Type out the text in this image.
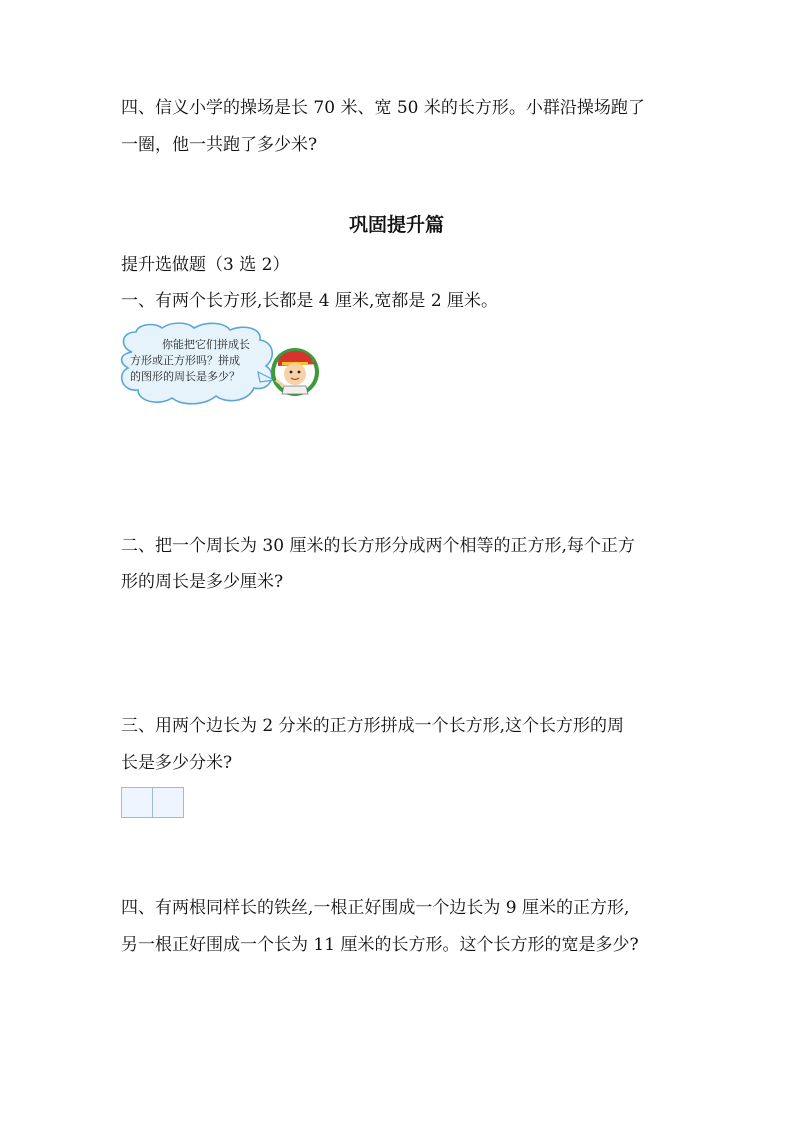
四、信义小学的操场是长 70 米、宽 50 米的长方形。小群沿操场跑了

一圈，他一共跑了多少米?

巩固提升篇

提升选做题（3 选 2）

一、有两个长方形,长都是 4 厘米,宽都是 2 厘米。

你能把它们拼成长
方形或正方形吗？拼成
的图形的周长是多少？

二、把一个周长为 30 厘米的长方形分成两个相等的正方形,每个正方

形的周长是多少厘米?

三、用两个边长为 2 分米的正方形拼成一个长方形,这个长方形的周

长是多少分米?

四、有两根同样长的铁丝,一根正好围成一个边长为 9 厘米的正方形,

另一根正好围成一个长为 11 厘米的长方形。这个长方形的宽是多少?
